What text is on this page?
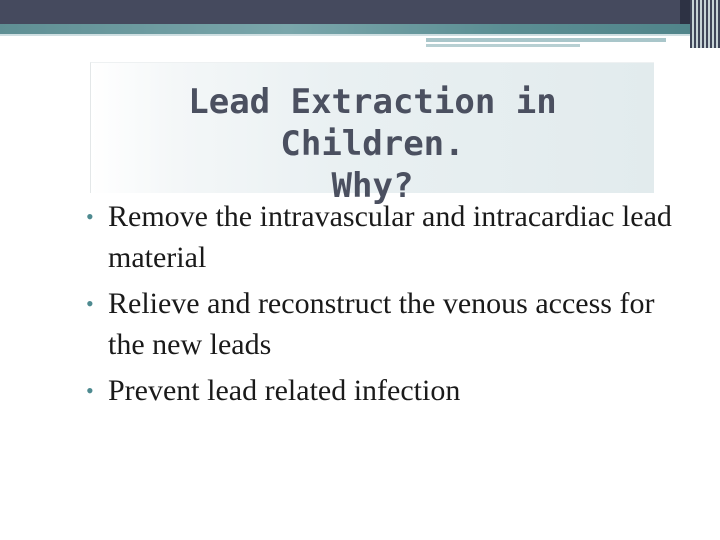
Lead Extraction in Children.
Why?
• Remove the intravascular and intracardiac lead material
• Relieve and reconstruct the venous access for the new leads
• Prevent lead related infection
